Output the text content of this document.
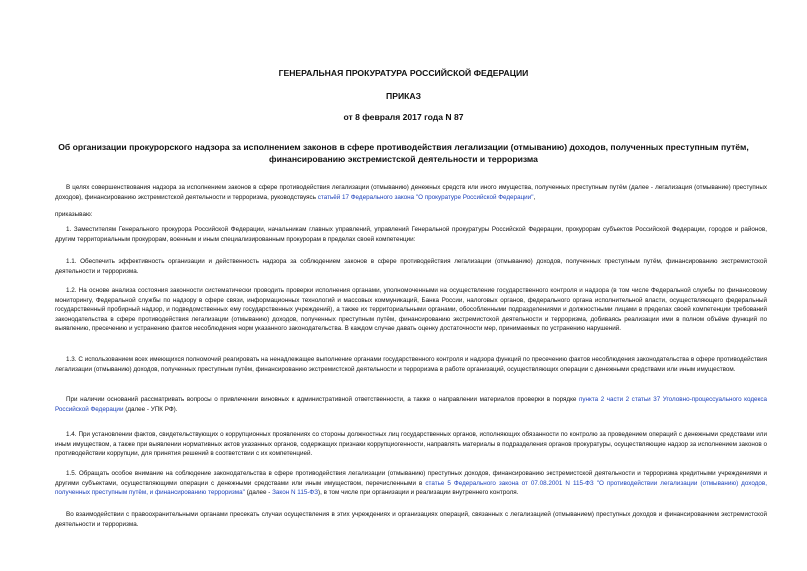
ГЕНЕРАЛЬНАЯ ПРОКУРАТУРА РОССИЙСКОЙ ФЕДЕРАЦИИ
ПРИКАЗ
от 8 февраля 2017 года N 87
Об организации прокурорского надзора за исполнением законов в сфере противодействия легализации (отмыванию) доходов, полученных преступным путём, финансированию экстремистской деятельности и терроризма

В целях совершенствования надзора за исполнением законов в сфере противодействия легализации (отмыванию) денежных средств или иного имущества, полученных преступным путём (далее - легализация (отмывание) преступных доходов), финансированию экстремистской деятельности и терроризма, руководствуясь статьёй 17 Федерального закона "О прокуратуре Российской Федерации",

приказываю:

1. Заместителям Генерального прокурора Российской Федерации, начальникам главных управлений, управлений Генеральной прокуратуры Российской Федерации, прокурорам субъектов Российской Федерации, городов и районов, другим территориальным прокурорам, военным и иным специализированным прокурорам в пределах своей компетенции:

1.1. Обеспечить эффективность организации и действенность надзора за соблюдением законов в сфере противодействия легализации (отмыванию) доходов, полученных преступным путём, финансированию экстремистской деятельности и терроризма.

1.2. На основе анализа состояния законности систематически проводить проверки исполнения органами, уполномоченными на осуществление государственного контроля и надзора (в том числе Федеральной службы по финансовому мониторингу, Федеральной службы по надзору в сфере связи, информационных технологий и массовых коммуникаций, Банка России, налоговых органов, федерального органа исполнительной власти, осуществляющего федеральный государственный пробирный надзор, и подведомственных ему государственных учреждений), а также их территориальными органами, обособленными подразделениями и должностными лицами в пределах своей компетенции требований законодательства в сфере противодействия легализации (отмыванию) доходов, полученных преступным путём, финансированию экстремистской деятельности и терроризма, добиваясь реализации ими в полном объёме функций по выявлению, пресечению и устранению фактов несоблюдения норм указанного законодательства. В каждом случае давать оценку достаточности мер, принимаемых по устранению нарушений.

1.3. С использованием всех имеющихся полномочий реагировать на ненадлежащее выполнение органами государственного контроля и надзора функций по пресечению фактов несоблюдения законодательства в сфере противодействия легализации (отмыванию) доходов, полученных преступным путём, финансированию экстремистской деятельности и терроризма в работе организаций, осуществляющих операции с денежными средствами или иным имуществом.

При наличии оснований рассматривать вопросы о привлечении виновных к административной ответственности, а также о направлении материалов проверки в порядке пункта 2 части 2 статьи 37 Уголовно-процессуального кодекса Российской Федерации (далее - УПК РФ).

1.4. При установлении фактов, свидетельствующих о коррупционных проявлениях со стороны должностных лиц государственных органов, исполняющих обязанности по контролю за проведением операций с денежными средствами или иным имуществом, а также при выявлении нормативных актов указанных органов, содержащих признаки коррупциогенности, направлять материалы в подразделения органов прокуратуры, осуществляющие надзор за исполнением законов о противодействии коррупции, для принятия решений в соответствии с их компетенцией.

1.5. Обращать особое внимание на соблюдение законодательства в сфере противодействия легализации (отмыванию) преступных доходов, финансированию экстремистской деятельности и терроризма кредитными учреждениями и другими субъектами, осуществляющими операции с денежными средствами или иным имуществом, перечисленными в статье 5 Федерального закона от 07.08.2001 N 115-ФЗ "О противодействии легализации (отмыванию) доходов, полученных преступным путём, и финансированию терроризма" (далее - Закон N 115-ФЗ), в том числе при организации и реализации внутреннего контроля.

Во взаимодействии с правоохранительными органами пресекать случаи осуществления в этих учреждениях и организациях операций, связанных с легализацией (отмыванием) преступных доходов и финансированием экстремистской деятельности и терроризма.
